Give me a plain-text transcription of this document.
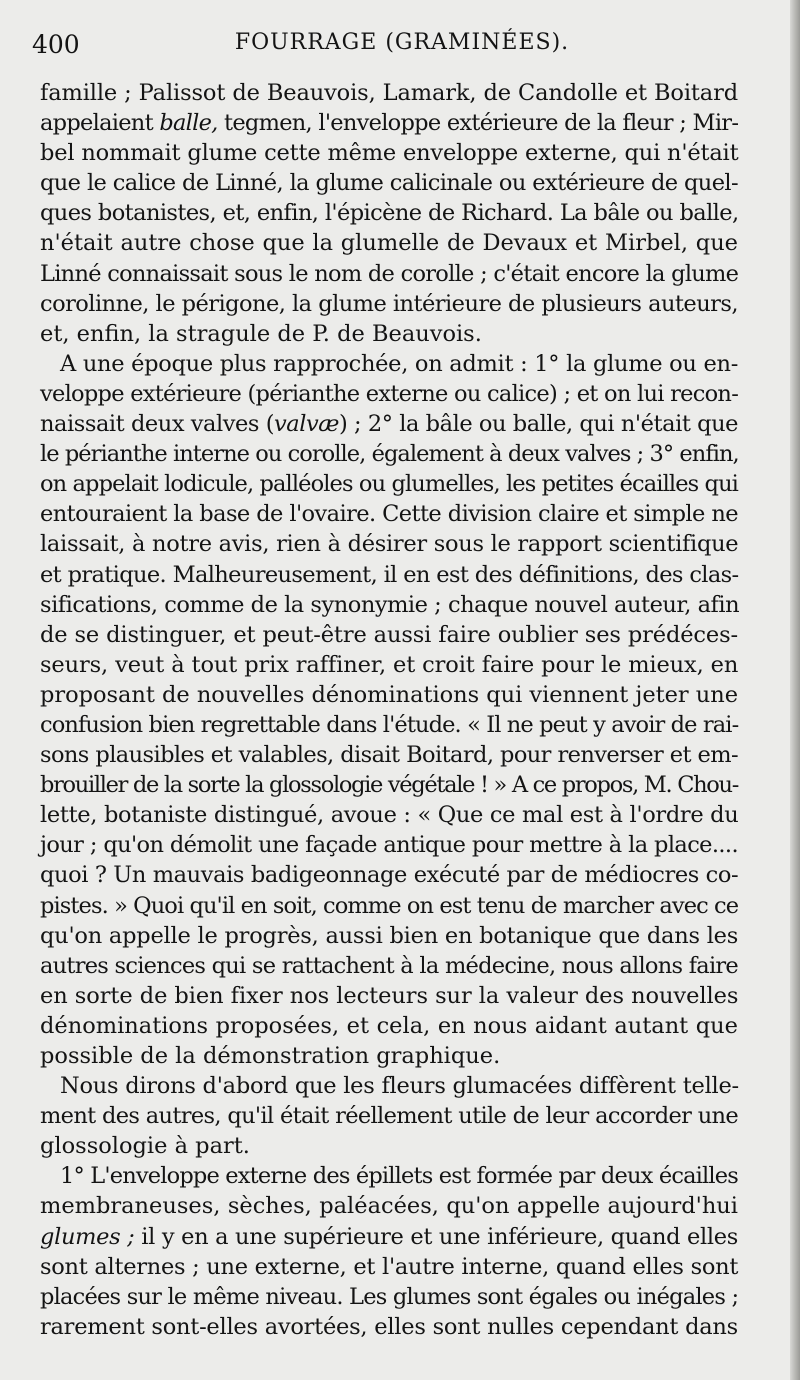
400	FOURRAGE (GRAMINÉES).
famille ; Palissot de Beauvois, Lamark, de Candolle et Boitard
appelaient balle, tegmen, l'enveloppe extérieure de la fleur ; Mir-
bel nommait glume cette même enveloppe externe, qui n'était
que le calice de Linné, la glume calicinale ou extérieure de quel-
ques botanistes, et, enfin, l'épicène de Richard. La bâle ou balle,
n'était autre chose que la glumelle de Devaux et Mirbel, que
Linné connaissait sous le nom de corolle ; c'était encore la glume
corolinne, le périgone, la glume intérieure de plusieurs auteurs,
et, enfin, la stragule de P. de Beauvois.
A une époque plus rapprochée, on admit : 1° la glume ou en-
veloppe extérieure (périanthe externe ou calice) ; et on lui recon-
naissait deux valves (valvæ) ; 2° la bâle ou balle, qui n'était que
le périanthe interne ou corolle, également à deux valves ; 3° enfin,
on appelait lodicule, palléoles ou glumelles, les petites écailles qui
entouraient la base de l'ovaire. Cette division claire et simple ne
laissait, à notre avis, rien à désirer sous le rapport scientifique
et pratique. Malheureusement, il en est des définitions, des clas-
sifications, comme de la synonymie ; chaque nouvel auteur, afin
de se distinguer, et peut-être aussi faire oublier ses prédéces-
seurs, veut à tout prix raffiner, et croit faire pour le mieux, en
proposant de nouvelles dénominations qui viennent jeter une
confusion bien regrettable dans l'étude. « Il ne peut y avoir de rai-
sons plausibles et valables, disait Boitard, pour renverser et em-
brouiller de la sorte la glossologie végétale ! » A ce propos, M. Chou-
lette, botaniste distingué, avoue : « Que ce mal est à l'ordre du
jour ; qu'on démolit une façade antique pour mettre à la place....
quoi ? Un mauvais badigeonnage exécuté par de médiocres co-
pistes. » Quoi qu'il en soit, comme on est tenu de marcher avec ce
qu'on appelle le progrès, aussi bien en botanique que dans les
autres sciences qui se rattachent à la médecine, nous allons faire
en sorte de bien fixer nos lecteurs sur la valeur des nouvelles
dénominations proposées, et cela, en nous aidant autant que
possible de la démonstration graphique.
Nous dirons d'abord que les fleurs glumacées diffèrent telle-
ment des autres, qu'il était réellement utile de leur accorder une
glossologie à part.
1° L'enveloppe externe des épillets est formée par deux écailles
membraneuses, sèches, paléacées, qu'on appelle aujourd'hui
glumes ; il y en a une supérieure et une inférieure, quand elles
sont alternes ; une externe, et l'autre interne, quand elles sont
placées sur le même niveau. Les glumes sont égales ou inégales ;
rarement sont-elles avortées, elles sont nulles cependant dans
